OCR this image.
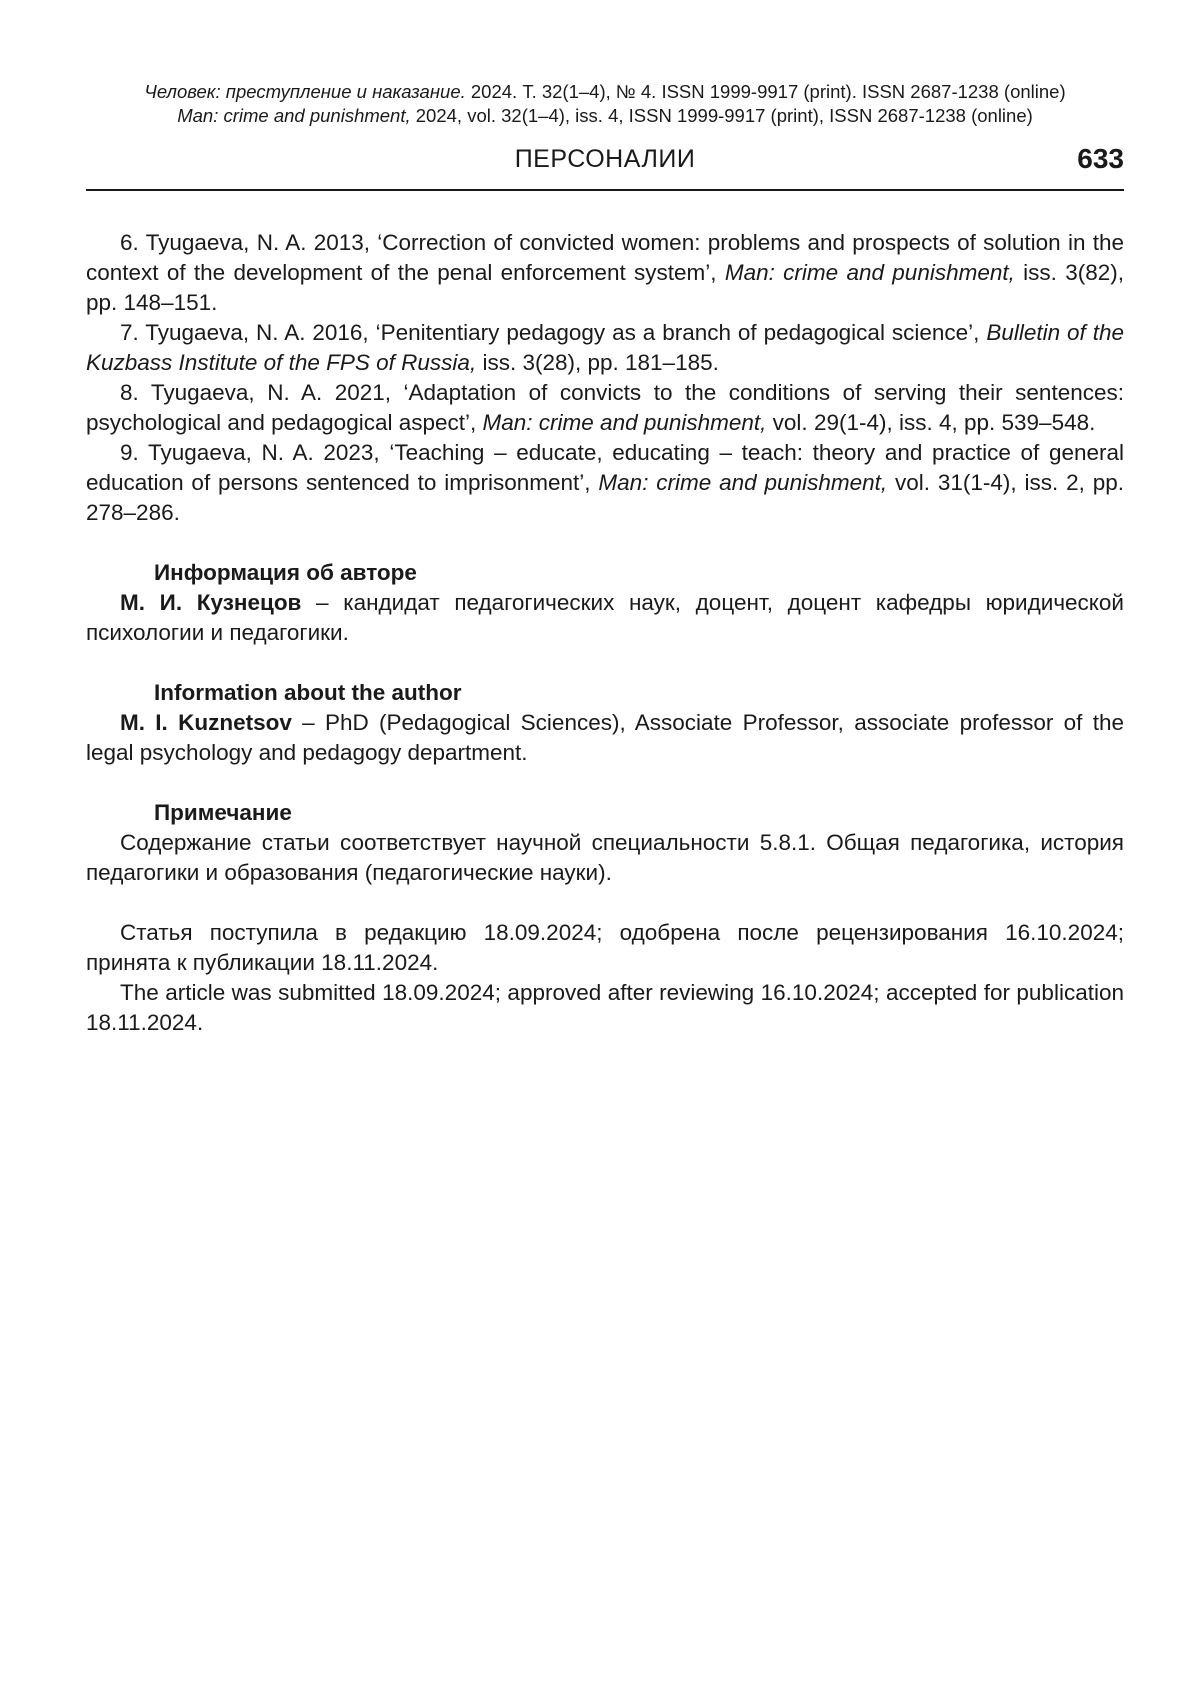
Человек: преступление и наказание. 2024. Т. 32(1–4), № 4. ISSN 1999-9917 (print). ISSN 2687-1238 (online)
Man: crime and punishment, 2024, vol. 32(1–4), iss. 4, ISSN 1999-9917 (print), ISSN 2687-1238 (online)
ПЕРСОНАЛИИ	633

6. Tyugaeva, N. A. 2013, ‘Correction of convicted women: problems and prospects of solution in the context of the development of the penal enforcement system’, Man: crime and punishment, iss. 3(82), pp. 148–151.

7. Tyugaeva, N. A. 2016, ‘Penitentiary pedagogy as a branch of pedagogical science’, Bulletin of the Kuzbass Institute of the FPS of Russia, iss. 3(28), pp. 181–185.

8. Tyugaeva, N. A. 2021, ‘Adaptation of convicts to the conditions of serving their sentences: psychological and pedagogical aspect’, Man: crime and punishment, vol. 29(1-4), iss. 4, pp. 539–548.

9. Tyugaeva, N. A. 2023, ‘Teaching – educate, educating – teach: theory and practice of general education of persons sentenced to imprisonment’, Man: crime and punishment, vol. 31(1-4), iss. 2, pp. 278–286.

Информация об авторе

М. И. Кузнецов – кандидат педагогических наук, доцент, доцент кафедры юридической психологии и педагогики.

Information about the author

M. I. Kuznetsov – PhD (Pedagogical Sciences), Associate Professor, associate professor of the legal psychology and pedagogy department.

Примечание

Содержание статьи соответствует научной специальности 5.8.1. Общая педагогика, история педагогики и образования (педагогические науки).

Статья поступила в редакцию 18.09.2024; одобрена после рецензирования 16.10.2024; принята к публикации 18.11.2024.

The article was submitted 18.09.2024; approved after reviewing 16.10.2024; accepted for publication 18.11.2024.
